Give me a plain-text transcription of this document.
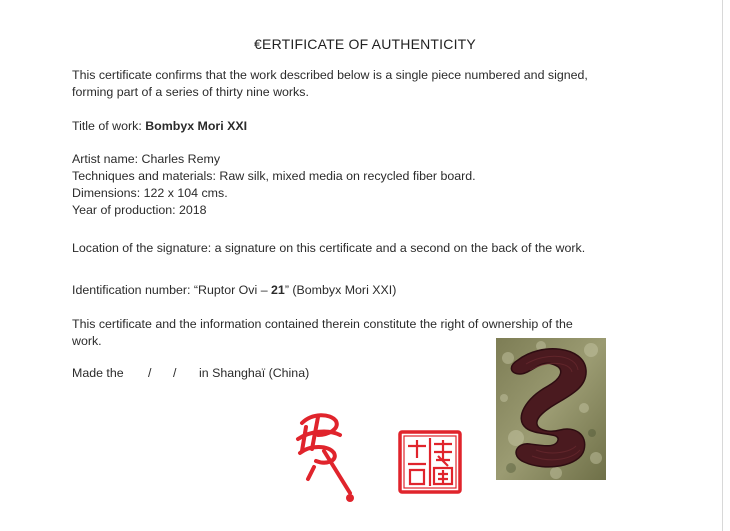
€ERTIFICATE OF AUTHENTICITY
This certificate confirms that the work described below is a single piece numbered and signed,
forming part of a series of thirty nine works.
Title of work: Bombyx Mori XXI
Artist name: Charles Remy
Techniques and materials: Raw silk, mixed media on recycled fiber board.
Dimensions: 122 x 104 cms.
Year of production: 2018
Location of the signature: a signature on this certificate and a second on the back of the work.
Identification number: “Ruptor Ovi – 21” (Bombyx Mori XXI)
This certificate and the information contained therein constitute the right of ownership of the
work.
Made the / / in Shanghaï (China)
